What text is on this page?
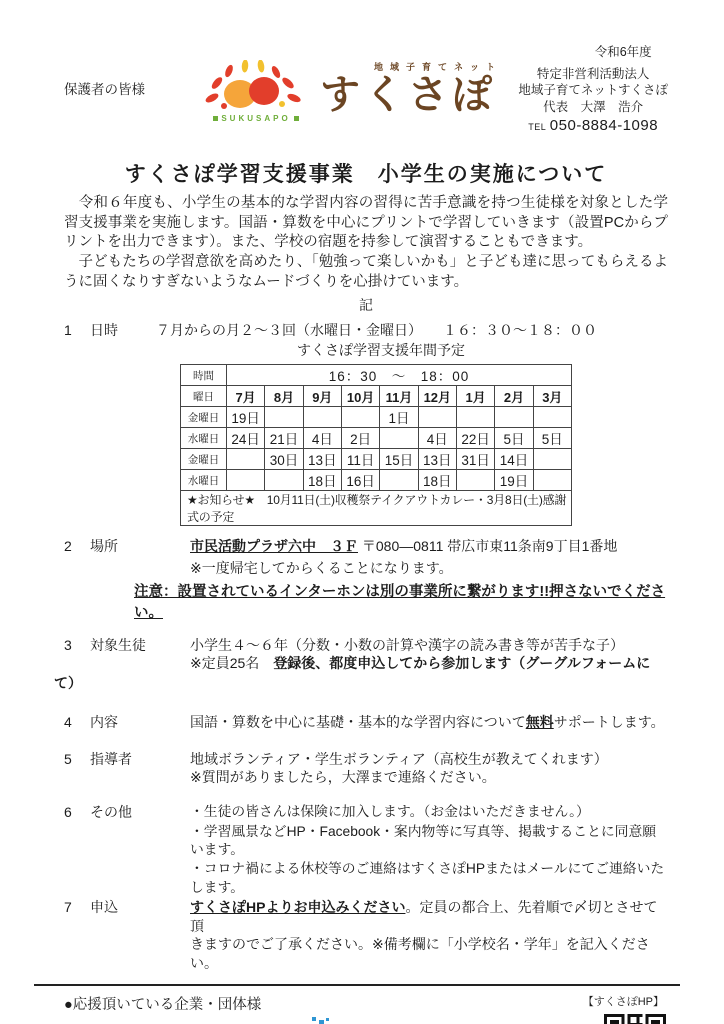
保護者の皆様
SUKUSAPO
地域子育てネット
すくさぽ
令和6年度
特定非営利活動法人
地域子育てネットすくさぽ
代表　大澤　浩介
TEL 050-8884-1098
すくさぽ学習支援事業　小学生の実施について

　令和６年度も、小学生の基本的な学習内容の習得に苦手意識を持つ生徒様を対象とした学習支援事業を実施します。国語・算数を中心にプリントで学習していきます（設置PCからプリントを出力できます）。また、学校の宿題を持参して演習することもできます。

　子どもたちの学習意欲を高めたり、「勉強って楽しいかも」と子ども達に思ってもらえるように固くなりすぎないようなムードづくりを心掛けています。

記
1	日時	７月からの月２～３回（水曜日・金曜日）　　１６：３０～１８：００
すくさぽ学習支援年間予定
時間	16：30　～　18：00								
曜日	7月	8月	9月	10月	11月	12月	1月	2月	3月
金曜日	19日				1日				
水曜日	24日	21日	4日	2日		4日	22日	5日	5日
金曜日		30日	13日	11日	15日	13日	31日	14日	
水曜日			18日	16日		18日		19日	
★お知らせ★　10月11日(土)収穫祭テイクアウトカレー・3月8日(土)感謝式の予定									
2	場所	市民活動プラザ六中　３Ｆ 〒080—0811 帯広市東11条南9丁目1番地
※一度帰宅してからくることになります。
注意：設置されているインターホンは別の事業所に繋がります!!押さないでください。
3	対象生徒	小学生４～６年（分数・小数の計算や漢字の読み書き等が苦手な子）
※定員25名　登録後、都度申込してから参加します（グーグルフォームに
て）
4	内容	国語・算数を中心に基礎・基本的な学習内容について無料サポートします。
5	指導者	地域ボランティア・学生ボランティア（高校生が教えてくれます）
※質問がありましたら，大澤まで連絡ください。
6	その他	・生徒の皆さんは保険に加入します。（お金はいただきません。）
・学習風景などHP・Facebook・案内物等に写真等、掲載することに同意願います。
・コロナ禍による休校等のご連絡はすくさぽHPまたはメールにてご連絡いたします。
7	申込	すくさぽHPよりお申込みください。定員の都合上、先着順で〆切とさせて頂
きますのでご了承ください。※備考欄に「小学校名・学年」を記入ください。
●応援頂いている企業・団体様	【すくさぽHP】
